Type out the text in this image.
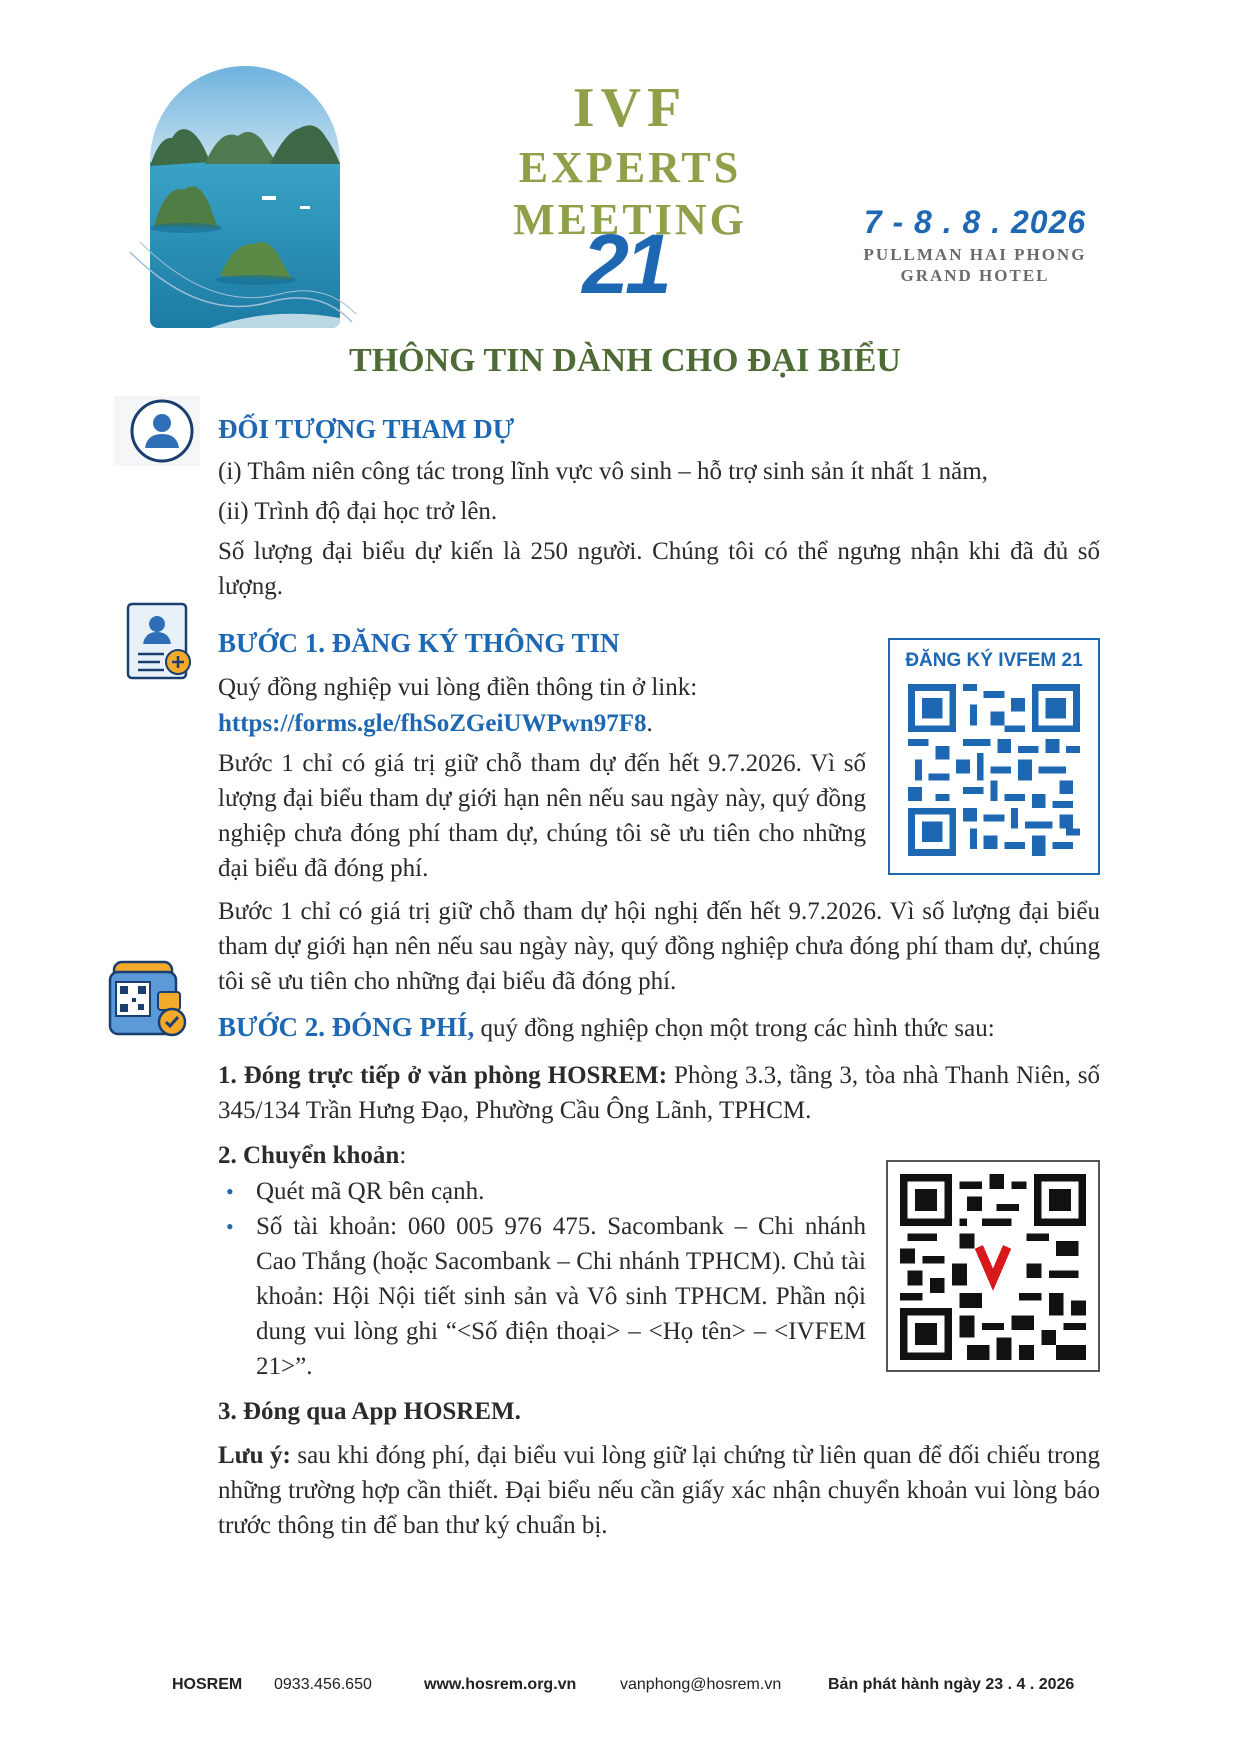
IVF
EXPERTS
MEETING
21	7 - 8 . 8 . 2026
PULLMAN HAI PHONG
GRAND HOTEL
THÔNG TIN DÀNH CHO ĐẠI BIỂU
ĐỐI TƯỢNG THAM DỰ
(i) Thâm niên công tác trong lĩnh vực vô sinh – hỗ trợ sinh sản ít nhất 1 năm,
(ii) Trình độ đại học trở lên.
Số lượng đại biểu dự kiến là 250 người. Chúng tôi có thể ngưng nhận khi đã đủ số lượng.
BƯỚC 1. ĐĂNG KÝ THÔNG TIN
Quý đồng nghiệp vui lòng điền thông tin ở link:
https://forms.gle/fhSoZGeiUWPwn97F8.
Bước 1 chỉ có giá trị giữ chỗ tham dự đến hết 9.7.2026. Vì số lượng đại biểu tham dự giới hạn nên nếu sau ngày này, quý đồng nghiệp chưa đóng phí tham dự, chúng tôi sẽ ưu tiên cho những đại biểu đã đóng phí.
Bước 1 chỉ có giá trị giữ chỗ tham dự hội nghị đến hết 9.7.2026. Vì số lượng đại biểu tham dự giới hạn nên nếu sau ngày này, quý đồng nghiệp chưa đóng phí tham dự, chúng tôi sẽ ưu tiên cho những đại biểu đã đóng phí.
ĐĂNG KÝ IVFEM 21
BƯỚC 2. ĐÓNG PHÍ, quý đồng nghiệp chọn một trong các hình thức sau:
1. Đóng trực tiếp ở văn phòng HOSREM: Phòng 3.3, tầng 3, tòa nhà Thanh Niên, số 345/134 Trần Hưng Đạo, Phường Cầu Ông Lãnh, TPHCM.
2. Chuyển khoản:
• Quét mã QR bên cạnh.
• Số tài khoản: 060 005 976 475. Sacombank – Chi nhánh Cao Thắng (hoặc Sacombank – Chi nhánh TPHCM). Chủ tài khoản: Hội Nội tiết sinh sản và Vô sinh TPHCM. Phần nội dung vui lòng ghi “<Số điện thoại> – <Họ tên> – <IVFEM 21>”.
3. Đóng qua App HOSREM.
Lưu ý: sau khi đóng phí, đại biểu vui lòng giữ lại chứng từ liên quan để đối chiếu trong những trường hợp cần thiết. Đại biểu nếu cần giấy xác nhận chuyển khoản vui lòng báo trước thông tin để ban thư ký chuẩn bị.
HOSREM 0933.456.650	www.hosrem.org.vn	vanphong@hosrem.vn	Bản phát hành ngày 23 . 4 . 2026
